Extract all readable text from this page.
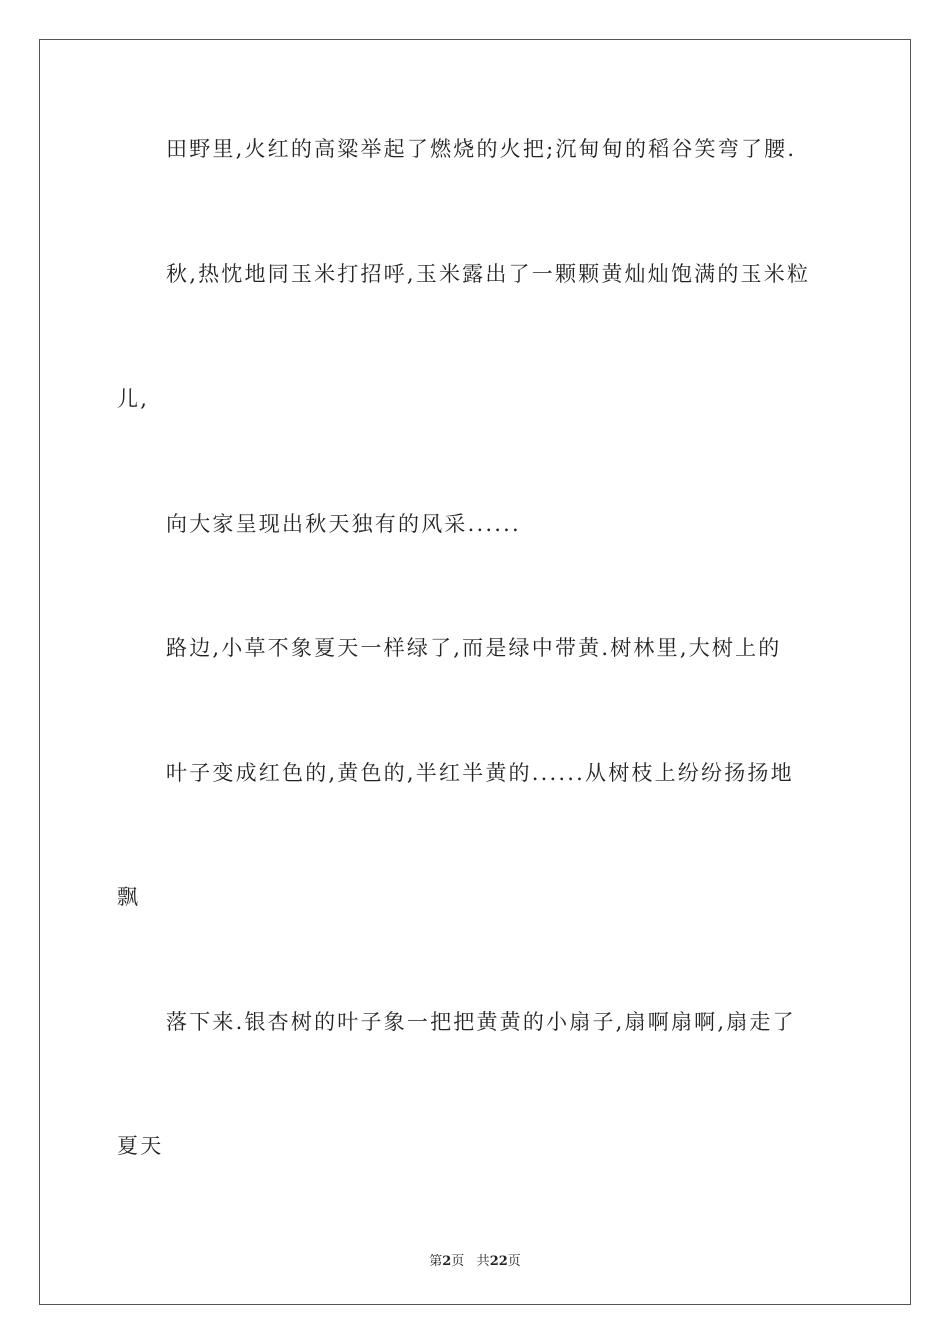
田野里,火红的高粱举起了燃烧的火把;沉甸甸的稻谷笑弯了腰.
秋,热忱地同玉米打招呼,玉米露出了一颗颗黄灿灿饱满的玉米粒
儿,
向大家呈现出秋天独有的风采......
路边,小草不象夏天一样绿了,而是绿中带黄.树林里,大树上的
叶子变成红色的,黄色的,半红半黄的......从树枝上纷纷扬扬地
飘
落下来.银杏树的叶子象一把把黄黄的小扇子,扇啊扇啊,扇走了
夏天
第2页 共22页
